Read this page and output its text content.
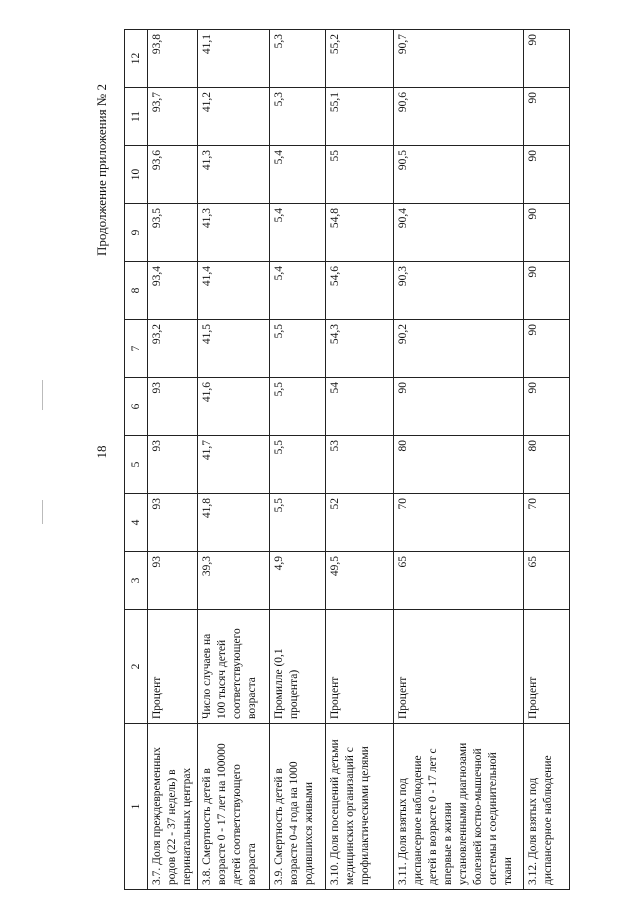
18
Продолжение приложения № 2
1	2	3	4	5	6	7	8	9	10	11	12
3.7. Доля преждевременных родов (22 - 37 недель) в перинатальных центрах	Процент	93	93	93	93	93,2	93,4	93,5	93,6	93,7	93,8
3.8. Смертность детей в возрасте 0 - 17 лет на 100000 детей соответствующего возраста	Число случаев на 100 тысяч детей соответствующего возраста	39,3	41,8	41,7	41,6	41,5	41,4	41,3	41,3	41,2	41,1
3.9. Смертность детей в возрасте 0-4 года на 1000 родившихся живыми	Промилле (0,1 процента)	4,9	5,5	5,5	5,5	5,5	5,4	5,4	5,4	5,3	5,3
3.10. Доля посещений детьми медицинских организаций с профилактическими целями	Процент	49,5	52	53	54	54,3	54,6	54,8	55	55,1	55,2
3.11. Доля взятых под диспансерное наблюдение детей в возрасте 0 - 17 лет с впервые в жизни установленными диагнозами болезней костно-мышечной системы и соединительной ткани	Процент	65	70	80	90	90,2	90,3	90,4	90,5	90,6	90,7
3.12. Доля взятых под диспансерное наблюдение	Процент	65	70	80	90	90	90	90	90	90	90
